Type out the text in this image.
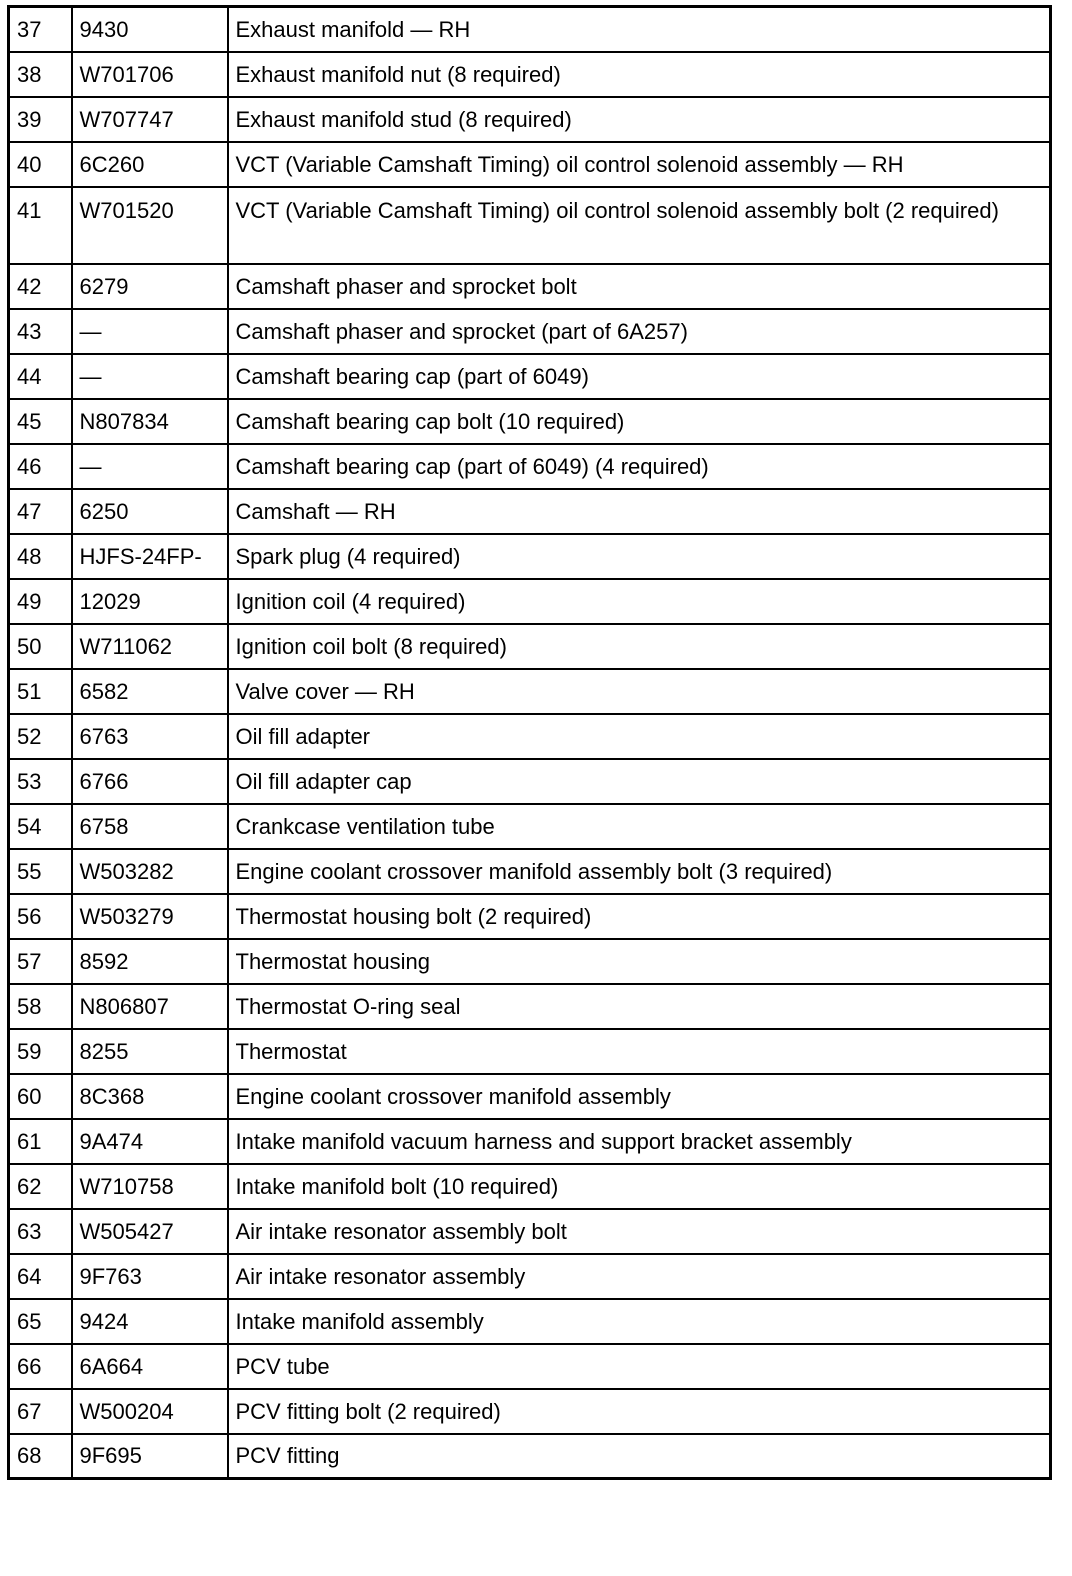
37	9430	Exhaust manifold — RH
38	W701706	Exhaust manifold nut (8 required)
39	W707747	Exhaust manifold stud (8 required)
40	6C260	VCT (Variable Camshaft Timing) oil control solenoid assembly — RH
41	W701520	VCT (Variable Camshaft Timing) oil control solenoid assembly bolt (2 required)
42	6279	Camshaft phaser and sprocket bolt
43	—	Camshaft phaser and sprocket (part of 6A257)
44	—	Camshaft bearing cap (part of 6049)
45	N807834	Camshaft bearing cap bolt (10 required)
46	—	Camshaft bearing cap (part of 6049) (4 required)
47	6250	Camshaft — RH
48	HJFS-24FP-	Spark plug (4 required)
49	12029	Ignition coil (4 required)
50	W711062	Ignition coil bolt (8 required)
51	6582	Valve cover — RH
52	6763	Oil fill adapter
53	6766	Oil fill adapter cap
54	6758	Crankcase ventilation tube
55	W503282	Engine coolant crossover manifold assembly bolt (3 required)
56	W503279	Thermostat housing bolt (2 required)
57	8592	Thermostat housing
58	N806807	Thermostat O-ring seal
59	8255	Thermostat
60	8C368	Engine coolant crossover manifold assembly
61	9A474	Intake manifold vacuum harness and support bracket assembly
62	W710758	Intake manifold bolt (10 required)
63	W505427	Air intake resonator assembly bolt
64	9F763	Air intake resonator assembly
65	9424	Intake manifold assembly
66	6A664	PCV tube
67	W500204	PCV fitting bolt (2 required)
68	9F695	PCV fitting
